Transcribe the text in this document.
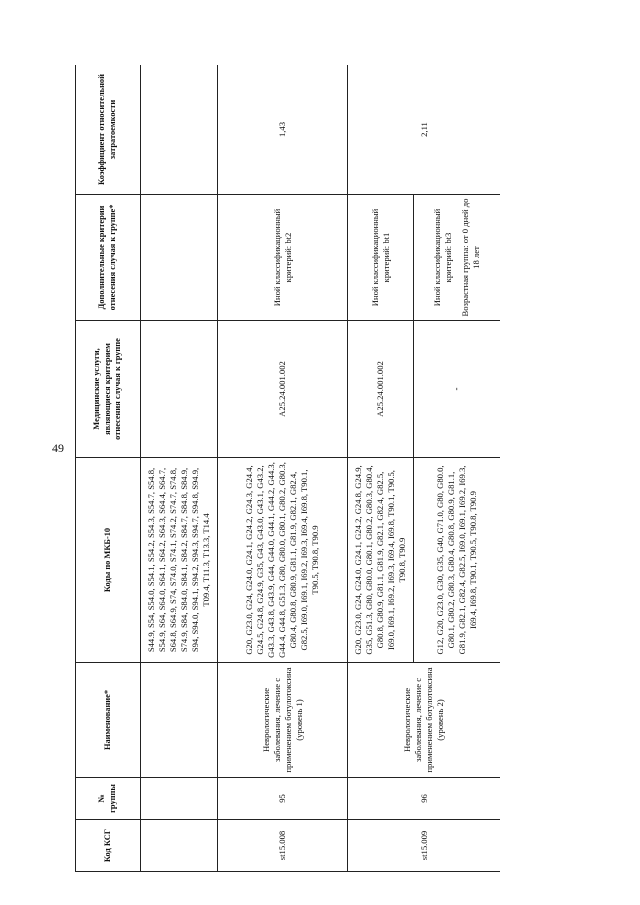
49
Код КСГ	№ группы	Наименование*	Коды по МКБ-10	Медицинские услуги, являющиеся критерием отнесения случая к группе	Дополнительные критерии отнесения случая к группе*	Коэффициент относительной затратоемкости
			S44.9, S54, S54.0, S54.1, S54.2, S54.3, S54.7, S54.8, S54.9, S64, S64.0, S64.1, S64.2, S64.3, S64.4, S64.7, S64.8, S64.9, S74, S74.0, S74.1, S74.2, S74.7, S74.8, S74.9, S84, S84.0, S84.1, S84.2, S84.7, S84.8, S84.9, S94, S94.0, S94.1, S94.2, S94.3, S94.7, S94.8, S94.9, T09.4, T11.3, T13.3, T14.4			
st15.008	95	Неврологические заболевания, лечение с применением ботулотоксина (уровень 1)	G20, G23.0, G24, G24.0, G24.1, G24.2, G24.3, G24.4, G24.5, G24.8, G24.9, G35, G43, G43.0, G43.1, G43.2, G43.3, G43.8, G43.9, G44, G44.0, G44.1, G44.2, G44.3, G44.4, G44.8, G51.3, G80, G80.0, G80.1, G80.2, G80.3, G80.4, G80.8, G80.9, G81.1, G81.9, G82.1, G82.4, G82.5, I69.0, I69.1, I69.2, I69.3, I69.4, I69.8, T90.1, T90.5, T90.8, T90.9	A25.24.001.002	Иной классификационный критерий: bt2	1,43
st15.009	96	Неврологические заболевания, лечение с применением ботулотоксина (уровень 2)	G20, G23.0, G24, G24.0, G24.1, G24.2, G24.8, G24.9, G35, G51.3, G80, G80.0, G80.1, G80.2, G80.3, G80.4, G80.8, G80.9, G81.1, G81.9, G82.1, G82.4, G82.5, I69.0, I69.1, I69.2, I69.3, I69.4, I69.8, T90.1, T90.5, T90.8, T90.9	A25.24.001.002	Иной классификационный критерий: bt1	2,11
			G12, G20, G23.0, G30, G35, G40, G71.0, G80, G80.0, G80.1, G80.2, G80.3, G80.4, G80.8, G80.9, G81.1, G81.9, G82.1, G82.4, G82.5, I69.0, I69.1, I69.2, I69.3, I69.4, I69.8, T90.1, T90.5, T90.8, T90.9	-	Иной классификационный критерий: bt3 Возрастная группа: от 0 дней до 18 лет	
